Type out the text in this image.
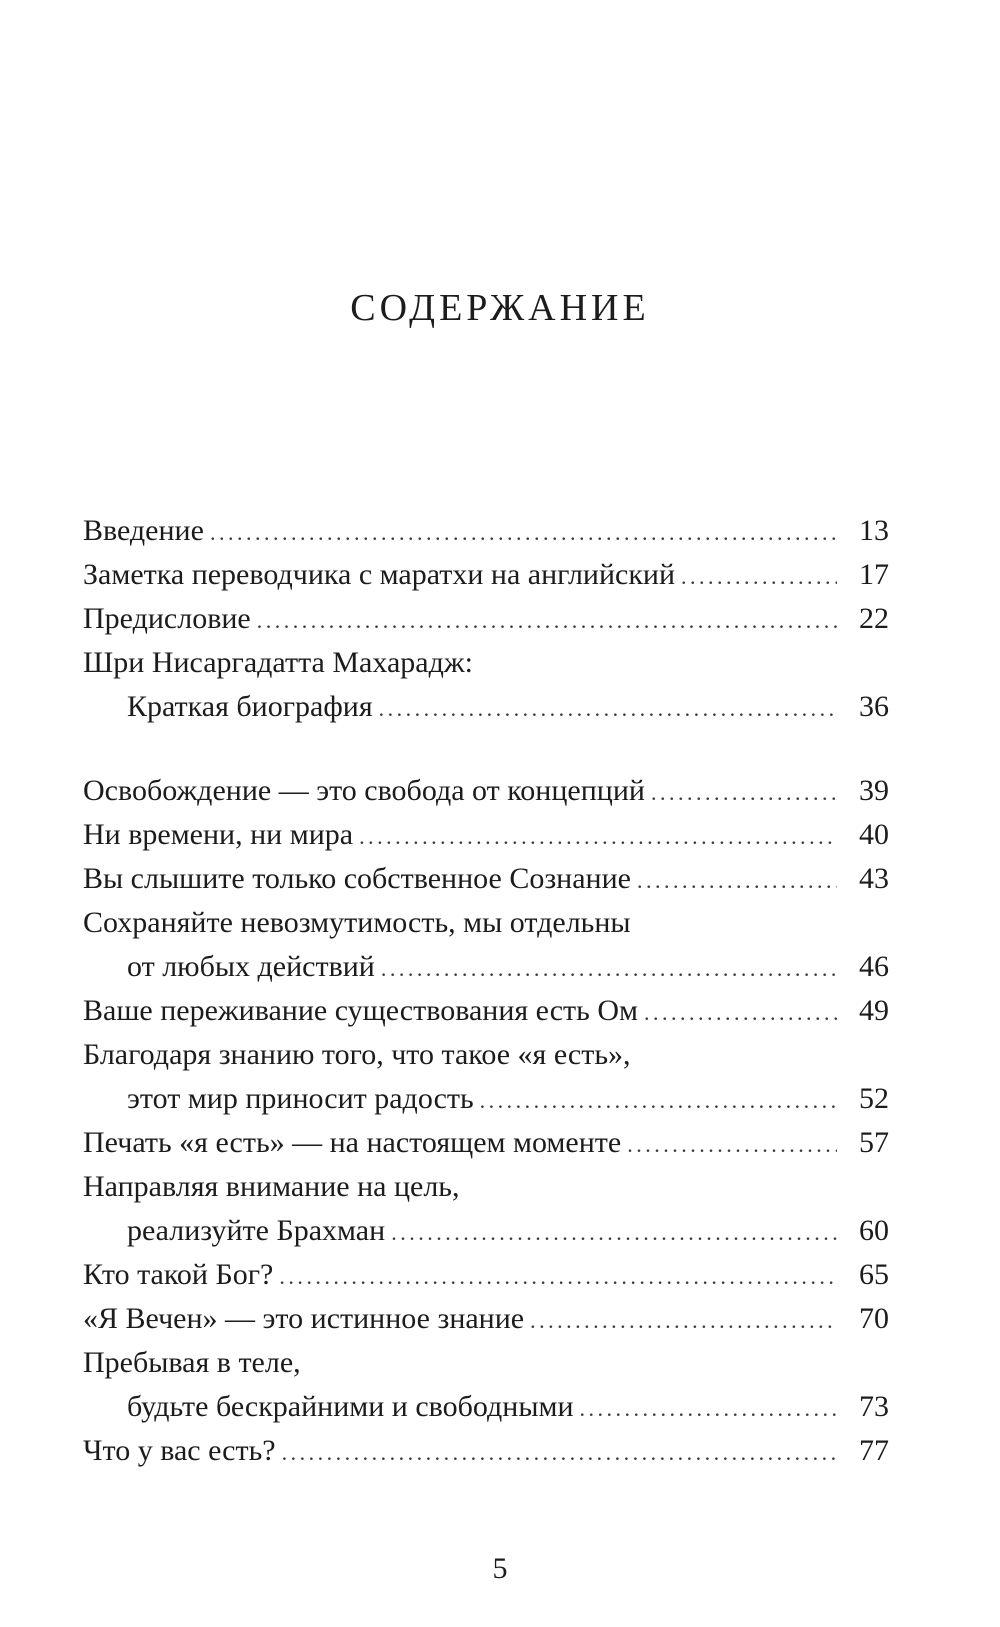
СОДЕРЖАНИЕ
Введение . . .	13
Заметка переводчика с маратхи на английский . . .	17
Предисловие . . .	22
Шри Нисаргадатта Махарадж:
Краткая биография . . .	36
Освобождение — это свобода от концепций . . .	39
Ни времени, ни мира . . .	40
Вы слышите только собственное Сознание . . .	43
Сохраняйте невозмутимость, мы отдельны
от любых действий . . .	46
Ваше переживание существования есть Ом . . .	49
Благодаря знанию того, что такое «я есть»,
этот мир приносит радость . . .	52
Печать «я есть» — на настоящем моменте . . .	57
Направляя внимание на цель,
реализуйте Брахман . . .	60
Кто такой Бог? . . .	65
«Я Вечен» — это истинное знание . . .	70
Пребывая в теле,
будьте бескрайними и свободными . . .	73
Что у вас есть? . . .	77
5
